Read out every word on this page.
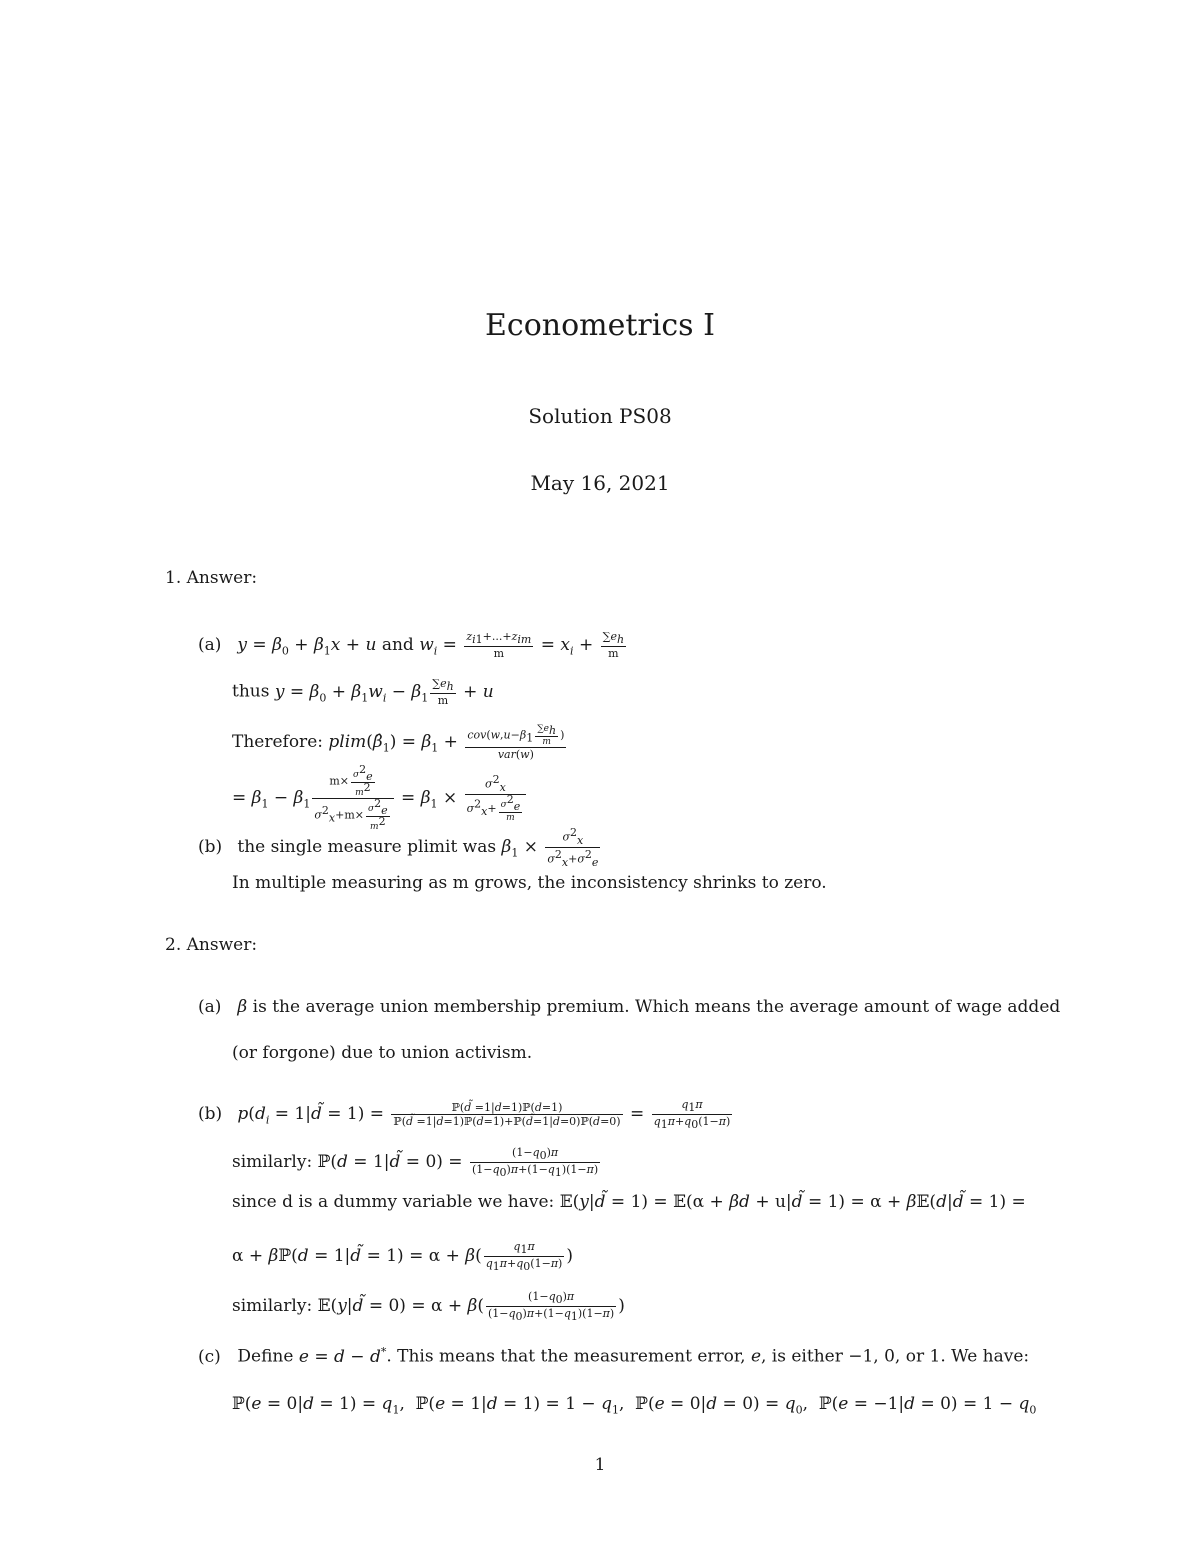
Econometrics I
Solution PS08
May 16, 2021
1. Answer:
(a) $y = \beta_0 + \beta_1x + u$ and $w_i = \frac{z_{i1}+...+z_{im}}{m} = x_i + \frac{\sum e_h}{m}$
thus $y = \beta_0 + \beta_1w_i - \beta_1 \frac{\sum e_h}{m} + u$
Therefore: $plim(\betâ_1) = \beta_1 + \frac{cov(w,u-\beta_1 \frac{\sum e_h}{m} )}{\text{var(w)}}$
= $\beta_1 - \beta_1 \frac{m\times \frac{\sigma^2_e}{m^2}}{\sigma^2_x+m\times \frac{\sigma^2_e}{m^2}} = \beta_1 \times \frac{\sigma^2_x}{\sigma^2_x+ \frac{\sigma^2_e}{m}}$
(b) the single measure plimit was $\beta_1 \times \frac{\sigma^2_x}{\sigma^2_x+\sigma^2_e}$
In multiple measuring as m grows, the inconsistency shrinks to zero.
2. Answer:
(a) β is the average union membership premium. Which means the average amount of wage added
(or forgone) due to union activism.
(b) $p(d_i$ = 1|d̃ = $1) = \frac{\text{ℙ(d̃ =1|d=1)ℙ(d=1)}}{\text{ℙ(d̃ =1|d=1)ℙ(d=1)+ℙ(d̃=1|d=0)ℙ(d=0)}} = \frac{q_1\pi}{q_1\pi+q_0(1-\pi)}$
similarly: ℙ(d = 1|d̃ = $0) = \frac{(1-q_0)\pi}{(1-q_0)\pi+(1-q_1)(1-\pi)}$
since d is a dummy variable we have: 𝔼(y|d̃ = 1) = 𝔼(α + βd + u|d̃ = 1) = α + β𝔼(d|d̃ = 1) =
α + βℙ(d = 1|d̃ = $1) = \alpha + \beta( \frac{q_1\pi}{q_1\pi+q_0(1-\pi)}$ )
similarly: 𝔼(y|d̃ = $0) = \alpha + \beta( \frac{(1-q_0)\pi}{(1-q_0)\pi+(1-q_1)(1-\pi)}$ )
(c) Define e = d − d*. This means that the measurement error, e, is either −1, 0, or 1. We have:
ℙ(e = $0|d = 1) = q_1$,  ℙ(e = $1|d = 1) = 1 - q_1$,  ℙ(e = $0|d = 0) = q_0$,  ℙ(e = $-1|d = 0) = 1 - q_0$
1
